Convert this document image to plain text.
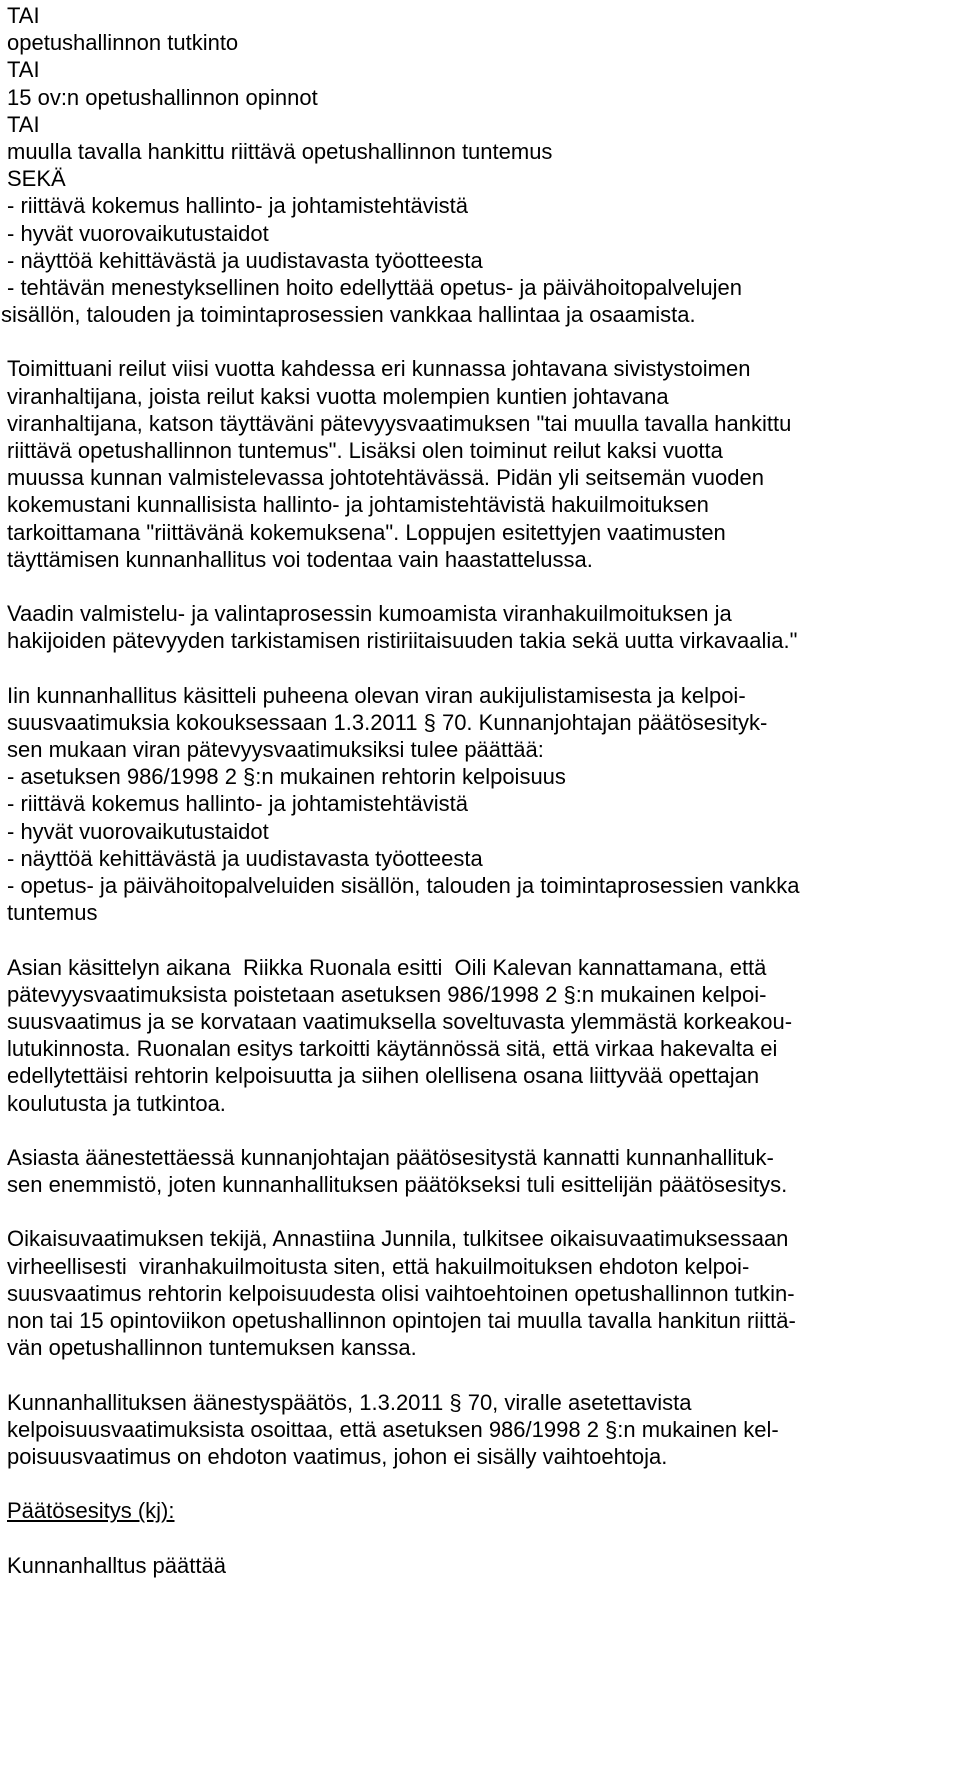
TAI
opetushallinnon tutkinto
TAI
15 ov:n opetushallinnon opinnot
TAI
muulla tavalla hankittu riittävä opetushallinnon tuntemus
SEKÄ
- riittävä kokemus hallinto- ja johtamistehtävistä
- hyvät vuorovaikutustaidot
- näyttöä kehittävästä ja uudistavasta työotteesta
- tehtävän menestyksellinen hoito edellyttää opetus- ja päivähoitopalvelujen
sisällön, talouden ja toimintaprosessien vankkaa hallintaa ja osaamista.
Toimittuani reilut viisi vuotta kahdessa eri kunnassa johtavana sivistystoimen
viranhaltijana, joista reilut kaksi vuotta molempien kuntien johtavana
viranhaltijana, katson täyttäväni pätevyysvaatimuksen "tai muulla tavalla hankittu
riittävä opetushallinnon tuntemus". Lisäksi olen toiminut reilut kaksi vuotta
muussa kunnan valmistelevassa johtotehtävässä. Pidän yli seitsemän vuoden
kokemustani kunnallisista hallinto- ja johtamistehtävistä hakuilmoituksen
tarkoittamana "riittävänä kokemuksena". Loppujen esitettyjen vaatimusten
täyttämisen kunnanhallitus voi todentaa vain haastattelussa.
Vaadin valmistelu- ja valintaprosessin kumoamista viranhakuilmoituksen ja
hakijoiden pätevyyden tarkistamisen ristiriitaisuuden takia sekä uutta virkavaalia."
Iin kunnanhallitus käsitteli puheena olevan viran aukijulistamisesta ja kelpoi-
suusvaatimuksia kokouksessaan 1.3.2011 § 70. Kunnanjohtajan päätösesityk-
sen mukaan viran pätevyysvaatimuksiksi tulee päättää:
- asetuksen 986/1998 2 §:n mukainen rehtorin kelpoisuus
- riittävä kokemus hallinto- ja johtamistehtävistä
- hyvät vuorovaikutustaidot
- näyttöä kehittävästä ja uudistavasta työotteesta
- opetus- ja päivähoitopalveluiden sisällön, talouden ja toimintaprosessien vankka
tuntemus
Asian käsittelyn aikana  Riikka Ruonala esitti  Oili Kalevan kannattamana, että
pätevyysvaatimuksista poistetaan asetuksen 986/1998 2 §:n mukainen kelpoi-
suusvaatimus ja se korvataan vaatimuksella soveltuvasta ylemmästä korkeakou-
lutukinnosta. Ruonalan esitys tarkoitti käytännössä sitä, että virkaa hakevalta ei
edellytettäisi rehtorin kelpoisuutta ja siihen olellisena osana liittyvää opettajan
koulutusta ja tutkintoa.
Asiasta äänestettäessä kunnanjohtajan päätösesitystä kannatti kunnanhallituk-
sen enemmistö, joten kunnanhallituksen päätökseksi tuli esittelijän päätösesitys.
Oikaisuvaatimuksen tekijä, Annastiina Junnila, tulkitsee oikaisuvaatimuksessaan
virheellisesti  viranhakuilmoitusta siten, että hakuilmoituksen ehdoton kelpoi-
suusvaatimus rehtorin kelpoisuudesta olisi vaihtoehtoinen opetushallinnon tutkin-
non tai 15 opintoviikon opetushallinnon opintojen tai muulla tavalla hankitun riittä-
vän opetushallinnon tuntemuksen kanssa.
Kunnanhallituksen äänestyspäätös, 1.3.2011 § 70, viralle asetettavista
kelpoisuusvaatimuksista osoittaa, että asetuksen 986/1998 2 §:n mukainen kel-
poisuusvaatimus on ehdoton vaatimus, johon ei sisälly vaihtoehtoja.
Päätösesitys (kj):
Kunnanhalltus päättää
